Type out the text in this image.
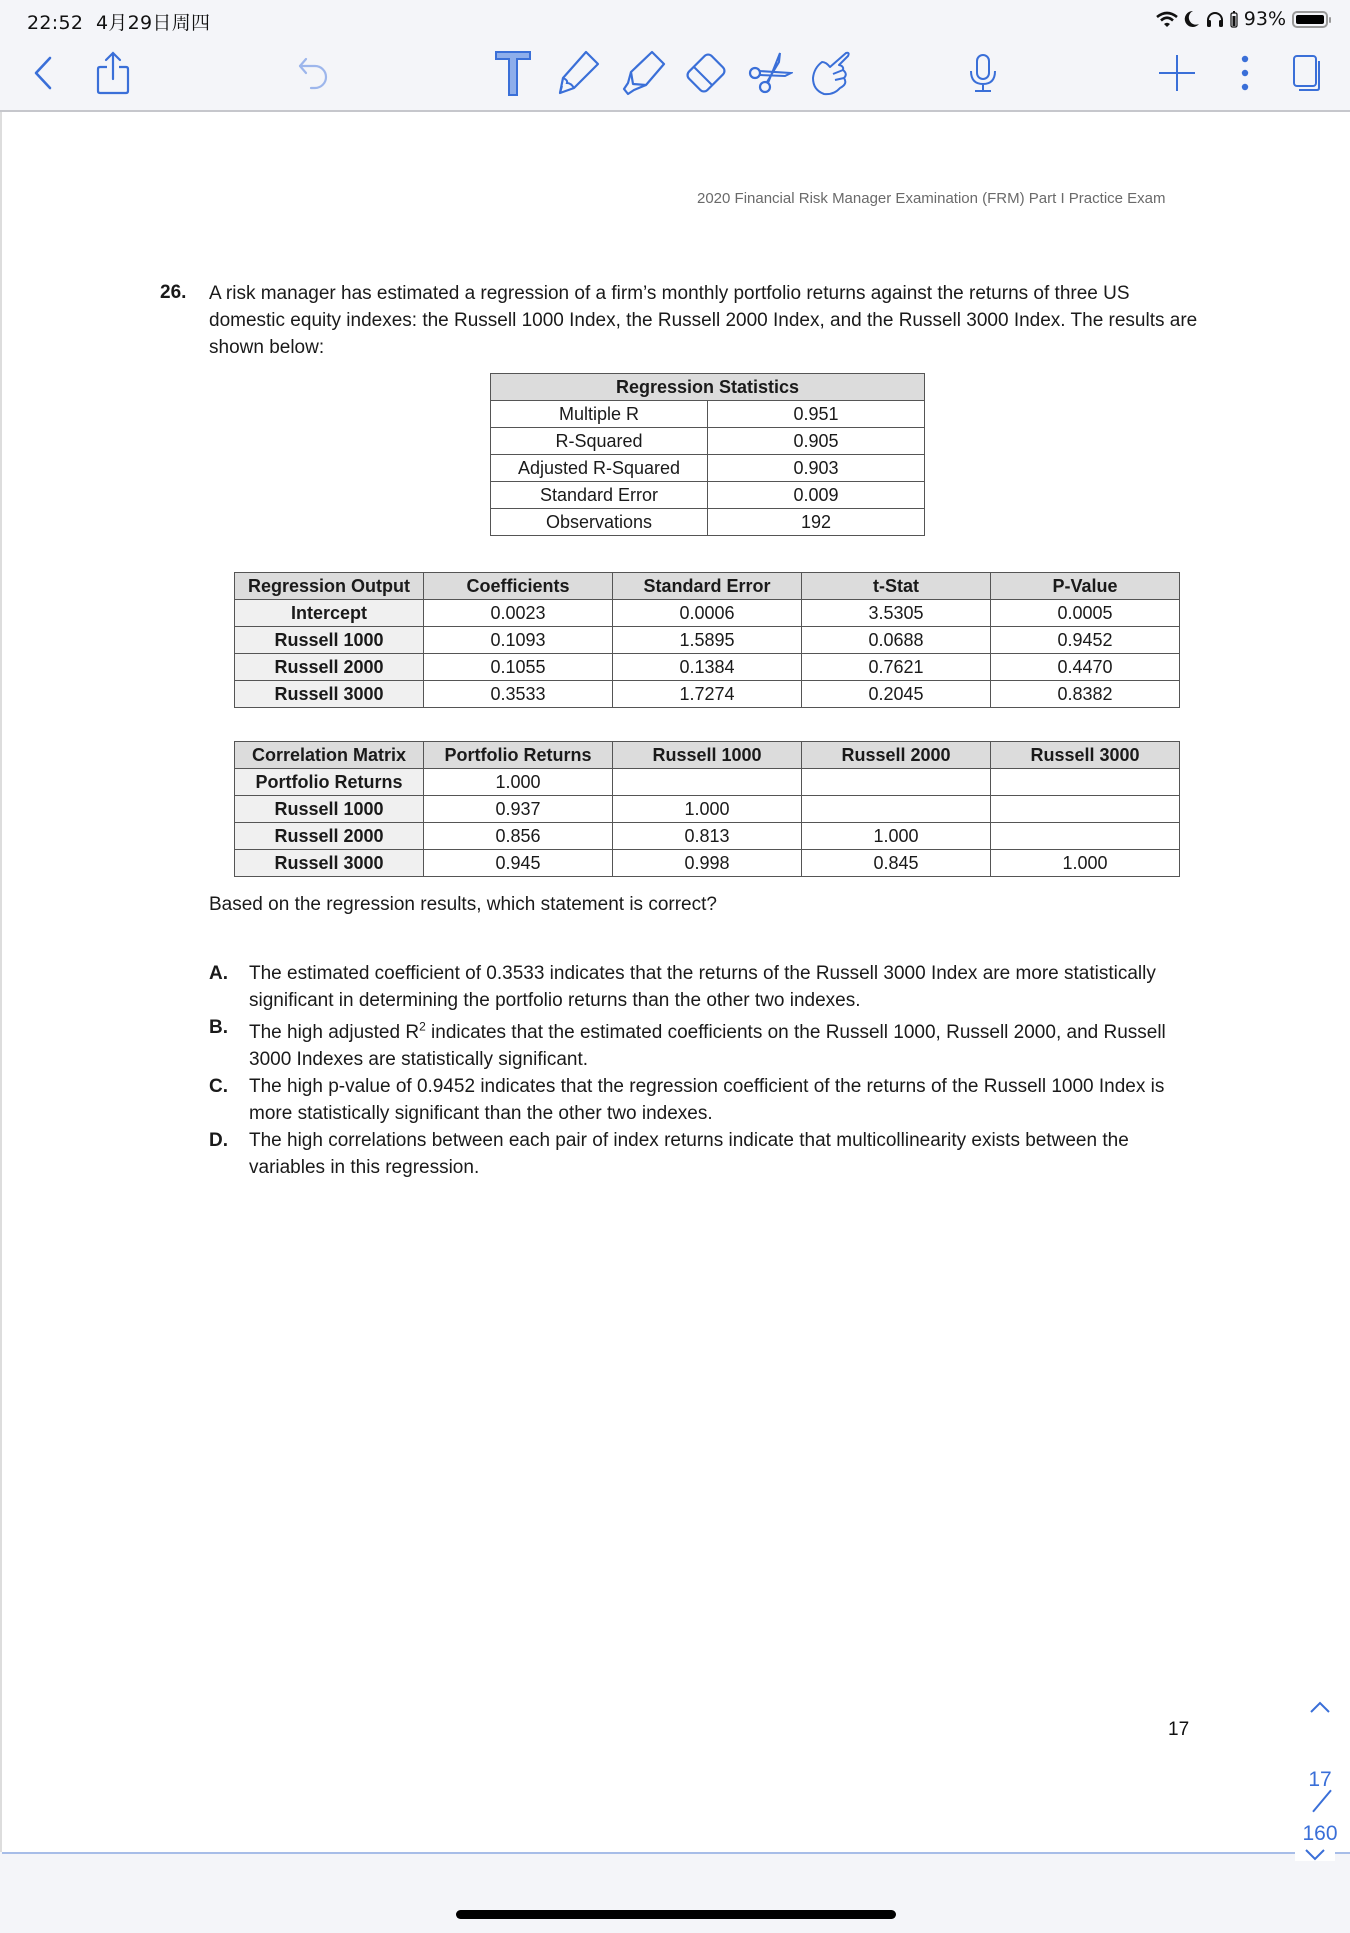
22:52 4月29日周四	93%
2020 Financial Risk Manager Examination (FRM) Part I Practice Exam
26. A risk manager has estimated a regression of a firm’s monthly portfolio returns against the returns of three US domestic equity indexes: the Russell 1000 Index, the Russell 2000 Index, and the Russell 3000 Index. The results are shown below:
Regression Statistics	
Multiple R	0.951
R-Squared	0.905
Adjusted R-Squared	0.903
Standard Error	0.009
Observations	192
Regression Output	Coefficients	Standard Error	t-Stat	P-Value
Intercept	0.0023	0.0006	3.5305	0.0005
Russell 1000	0.1093	1.5895	0.0688	0.9452
Russell 2000	0.1055	0.1384	0.7621	0.4470
Russell 3000	0.3533	1.7274	0.2045	0.8382
Correlation Matrix	Portfolio Returns	Russell 1000	Russell 2000	Russell 3000
Portfolio Returns	1.000			
Russell 1000	0.937	1.000		
Russell 2000	0.856	0.813	1.000	
Russell 3000	0.945	0.998	0.845	1.000
Based on the regression results, which statement is correct?
A. The estimated coefficient of 0.3533 indicates that the returns of the Russell 3000 Index are more statistically significant in determining the portfolio returns than the other two indexes.
B. The high adjusted $R^2$ indicates that the estimated coefficients on the Russell 1000, Russell 2000, and Russell 3000 Indexes are statistically significant.
C. The high p-value of 0.9452 indicates that the regression coefficient of the returns of the Russell 1000 Index is more statistically significant than the other two indexes.
D. The high correlations between each pair of index returns indicate that multicollinearity exists between the variables in this regression.
17
17
160
